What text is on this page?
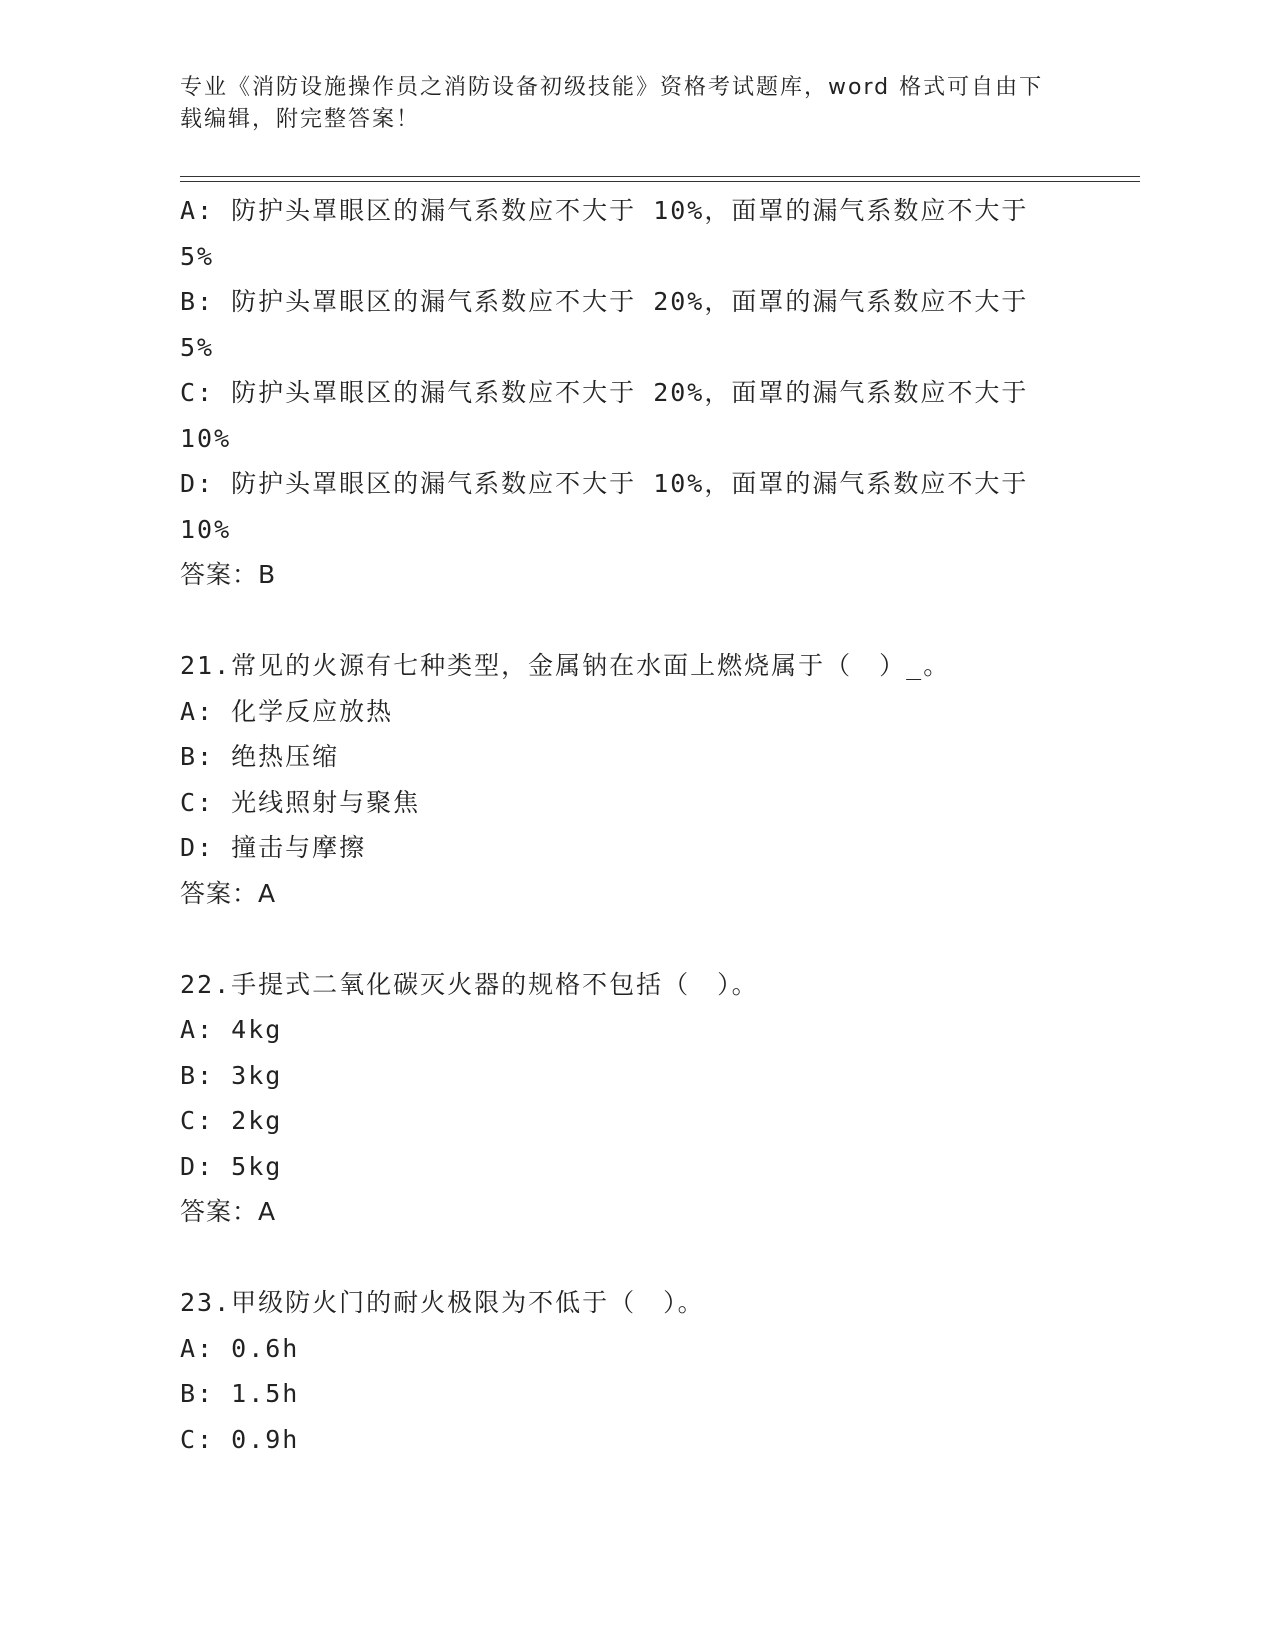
专业《消防设施操作员之消防设备初级技能》资格考试题库，word 格式可自由下载编辑，附完整答案！
A: 防护头罩眼区的漏气系数应不大于 10%，面罩的漏气系数应不大于 5%
B: 防护头罩眼区的漏气系数应不大于 20%，面罩的漏气系数应不大于 5%
C: 防护头罩眼区的漏气系数应不大于 20%，面罩的漏气系数应不大于 10%
D: 防护头罩眼区的漏气系数应不大于 10%，面罩的漏气系数应不大于 10%
答案：B
21.常见的火源有七种类型，金属钠在水面上燃烧属于（　）_。
A: 化学反应放热
B: 绝热压缩
C: 光线照射与聚焦
D: 撞击与摩擦
答案：A
22.手提式二氧化碳灭火器的规格不包括（　）。
A: 4kg
B: 3kg
C: 2kg
D: 5kg
答案：A
23.甲级防火门的耐火极限为不低于（　）。
A: 0.6h
B: 1.5h
C: 0.9h
